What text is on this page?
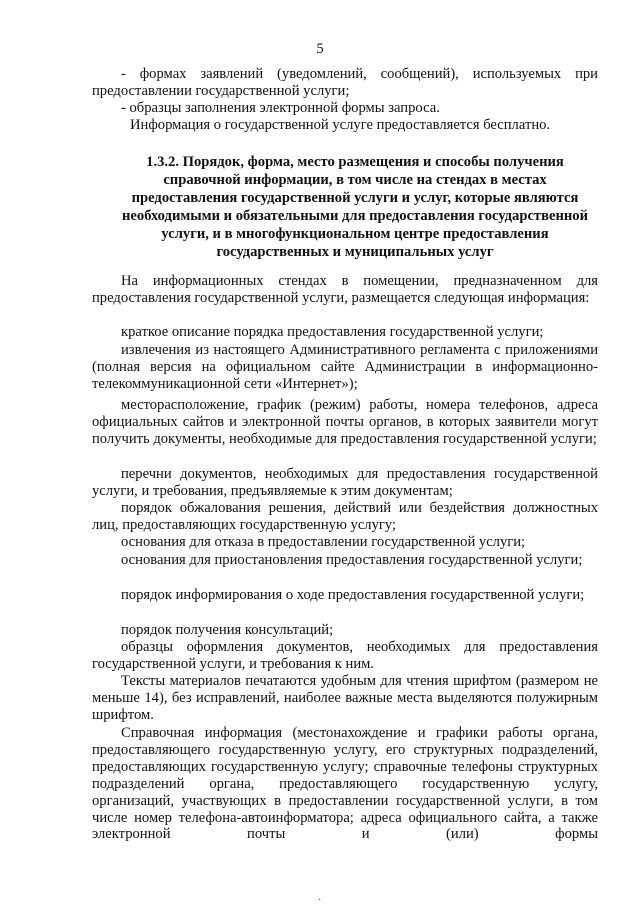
5
- формах заявлений (уведомлений, сообщений), используемых при
предоставлении государственной услуги;
- образцы заполнения электронной формы запроса.
Информация о государственной услуге предоставляется бесплатно.
1.3.2. Порядок, форма, место размещения и способы получения справочной информации, в том числе на стендах в местах предоставления государственной услуги и услуг, которые являются необходимыми и обязательными для предоставления государственной услуги, и в многофункциональном центре предоставления государственных и муниципальных услуг
На информационных стендах в помещении, предназначенном для предоставления государственной услуги, размещается следующая информация:
краткое описание порядка предоставления государственной услуги;
извлечения из настоящего Административного регламента с приложениями (полная версия на официальном сайте Администрации в информационно-телекоммуникационной сети «Интернет»);
месторасположение, график (режим) работы, номера телефонов, адреса официальных сайтов и электронной почты органов, в которых заявители могут получить документы, необходимые для предоставления государственной услуги;
перечни документов, необходимых для предоставления государственной услуги, и требования, предъявляемые к этим документам;
порядок обжалования решения, действий или бездействия должностных лиц, предоставляющих государственную услугу;
основания для отказа в предоставлении государственной услуги;
основания для приостановления предоставления государственной услуги;
порядок информирования о ходе предоставления государственной услуги;
порядок получения консультаций;
образцы оформления документов, необходимых для предоставления государственной услуги, и требования к ним.
Тексты материалов печатаются удобным для чтения шрифтом (размером не меньше 14), без исправлений, наиболее важные места выделяются полужирным шрифтом.
Справочная информация (местонахождение и графики работы органа, предоставляющего государственную услугу, его структурных подразделений, предоставляющих государственную услугу; справочные телефоны структурных подразделений органа, предоставляющего государственную услугу, организаций, участвующих в предоставлении государственной услуги, в том числе номер телефона-автоинформатора; адреса официального сайта, а также электронной почты и (или) формы
·
